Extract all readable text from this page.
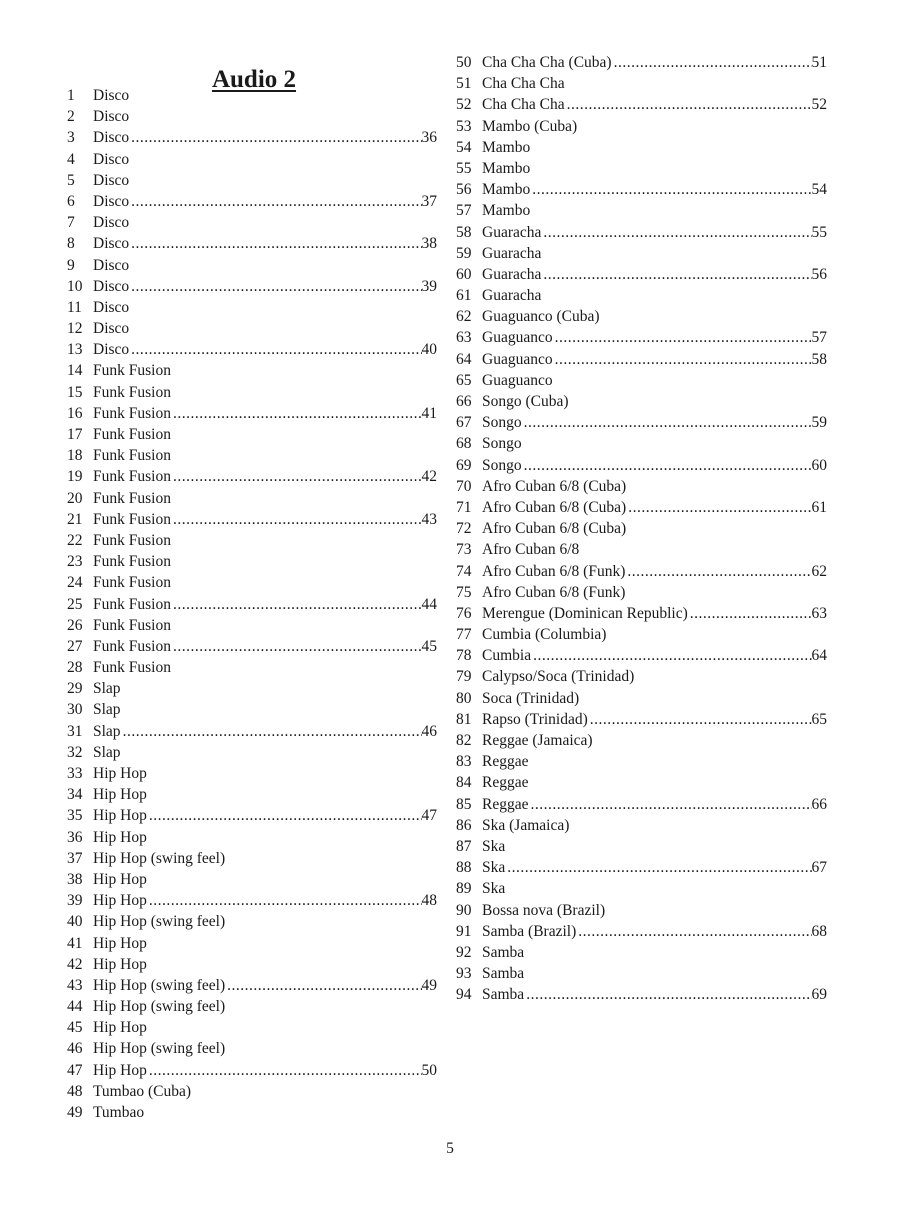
Audio 2
1	Disco
2	Disco
3	Disco .....	36
4	Disco
5	Disco
6	Disco .....	37
7	Disco
8	Disco .....	38
9	Disco
10 Disco .....	39
11 Disco
12 Disco
13 Disco .....	40
14 Funk Fusion
15 Funk Fusion
16 Funk Fusion .....	41
17 Funk Fusion
18 Funk Fusion
19 Funk Fusion .....	42
20 Funk Fusion
21 Funk Fusion .....	43
22 Funk Fusion
23 Funk Fusion
24 Funk Fusion
25 Funk Fusion .....	44
26 Funk Fusion
27 Funk Fusion .....	45
28 Funk Fusion
29 Slap
30 Slap
31 Slap .....	46
32 Slap
33 Hip Hop
34 Hip Hop
35 Hip Hop .....	47
36 Hip Hop
37 Hip Hop (swing feel)
38 Hip Hop
39 Hip Hop .....	48
40 Hip Hop (swing feel)
41 Hip Hop
42 Hip Hop
43 Hip Hop (swing feel) .....	49
44 Hip Hop (swing feel)
45 Hip Hop
46 Hip Hop (swing feel)
47 Hip Hop .....	50
48 Tumbao (Cuba)
49 Tumbao
50 Cha Cha Cha (Cuba) .....	51
51 Cha Cha Cha
52 Cha Cha Cha .....	52
53 Mambo (Cuba)
54 Mambo
55 Mambo
56 Mambo .....	54
57 Mambo
58 Guaracha .....	55
59 Guaracha
60 Guaracha .....	56
61 Guaracha
62 Guaguanco (Cuba)
63 Guaguanco .....	57
64 Guaguanco .....	58
65 Guaguanco
66 Songo (Cuba)
67 Songo .....	59
68 Songo
69 Songo .....	60
70 Afro Cuban 6/8 (Cuba)
71 Afro Cuban 6/8 (Cuba) .....	61
72 Afro Cuban 6/8 (Cuba)
73 Afro Cuban 6/8
74 Afro Cuban 6/8 (Funk) .....	62
75 Afro Cuban 6/8 (Funk)
76 Merengue (Dominican Republic) .....	63
77 Cumbia (Columbia)
78 Cumbia .....	64
79 Calypso/Soca (Trinidad)
80 Soca (Trinidad)
81 Rapso (Trinidad) .....	65
82 Reggae (Jamaica)
83 Reggae
84 Reggae
85 Reggae .....	66
86 Ska (Jamaica)
87 Ska
88 Ska .....	67
89 Ska
90 Bossa nova (Brazil)
91 Samba (Brazil) .....	68
92 Samba
93 Samba
94 Samba .....	69
5
